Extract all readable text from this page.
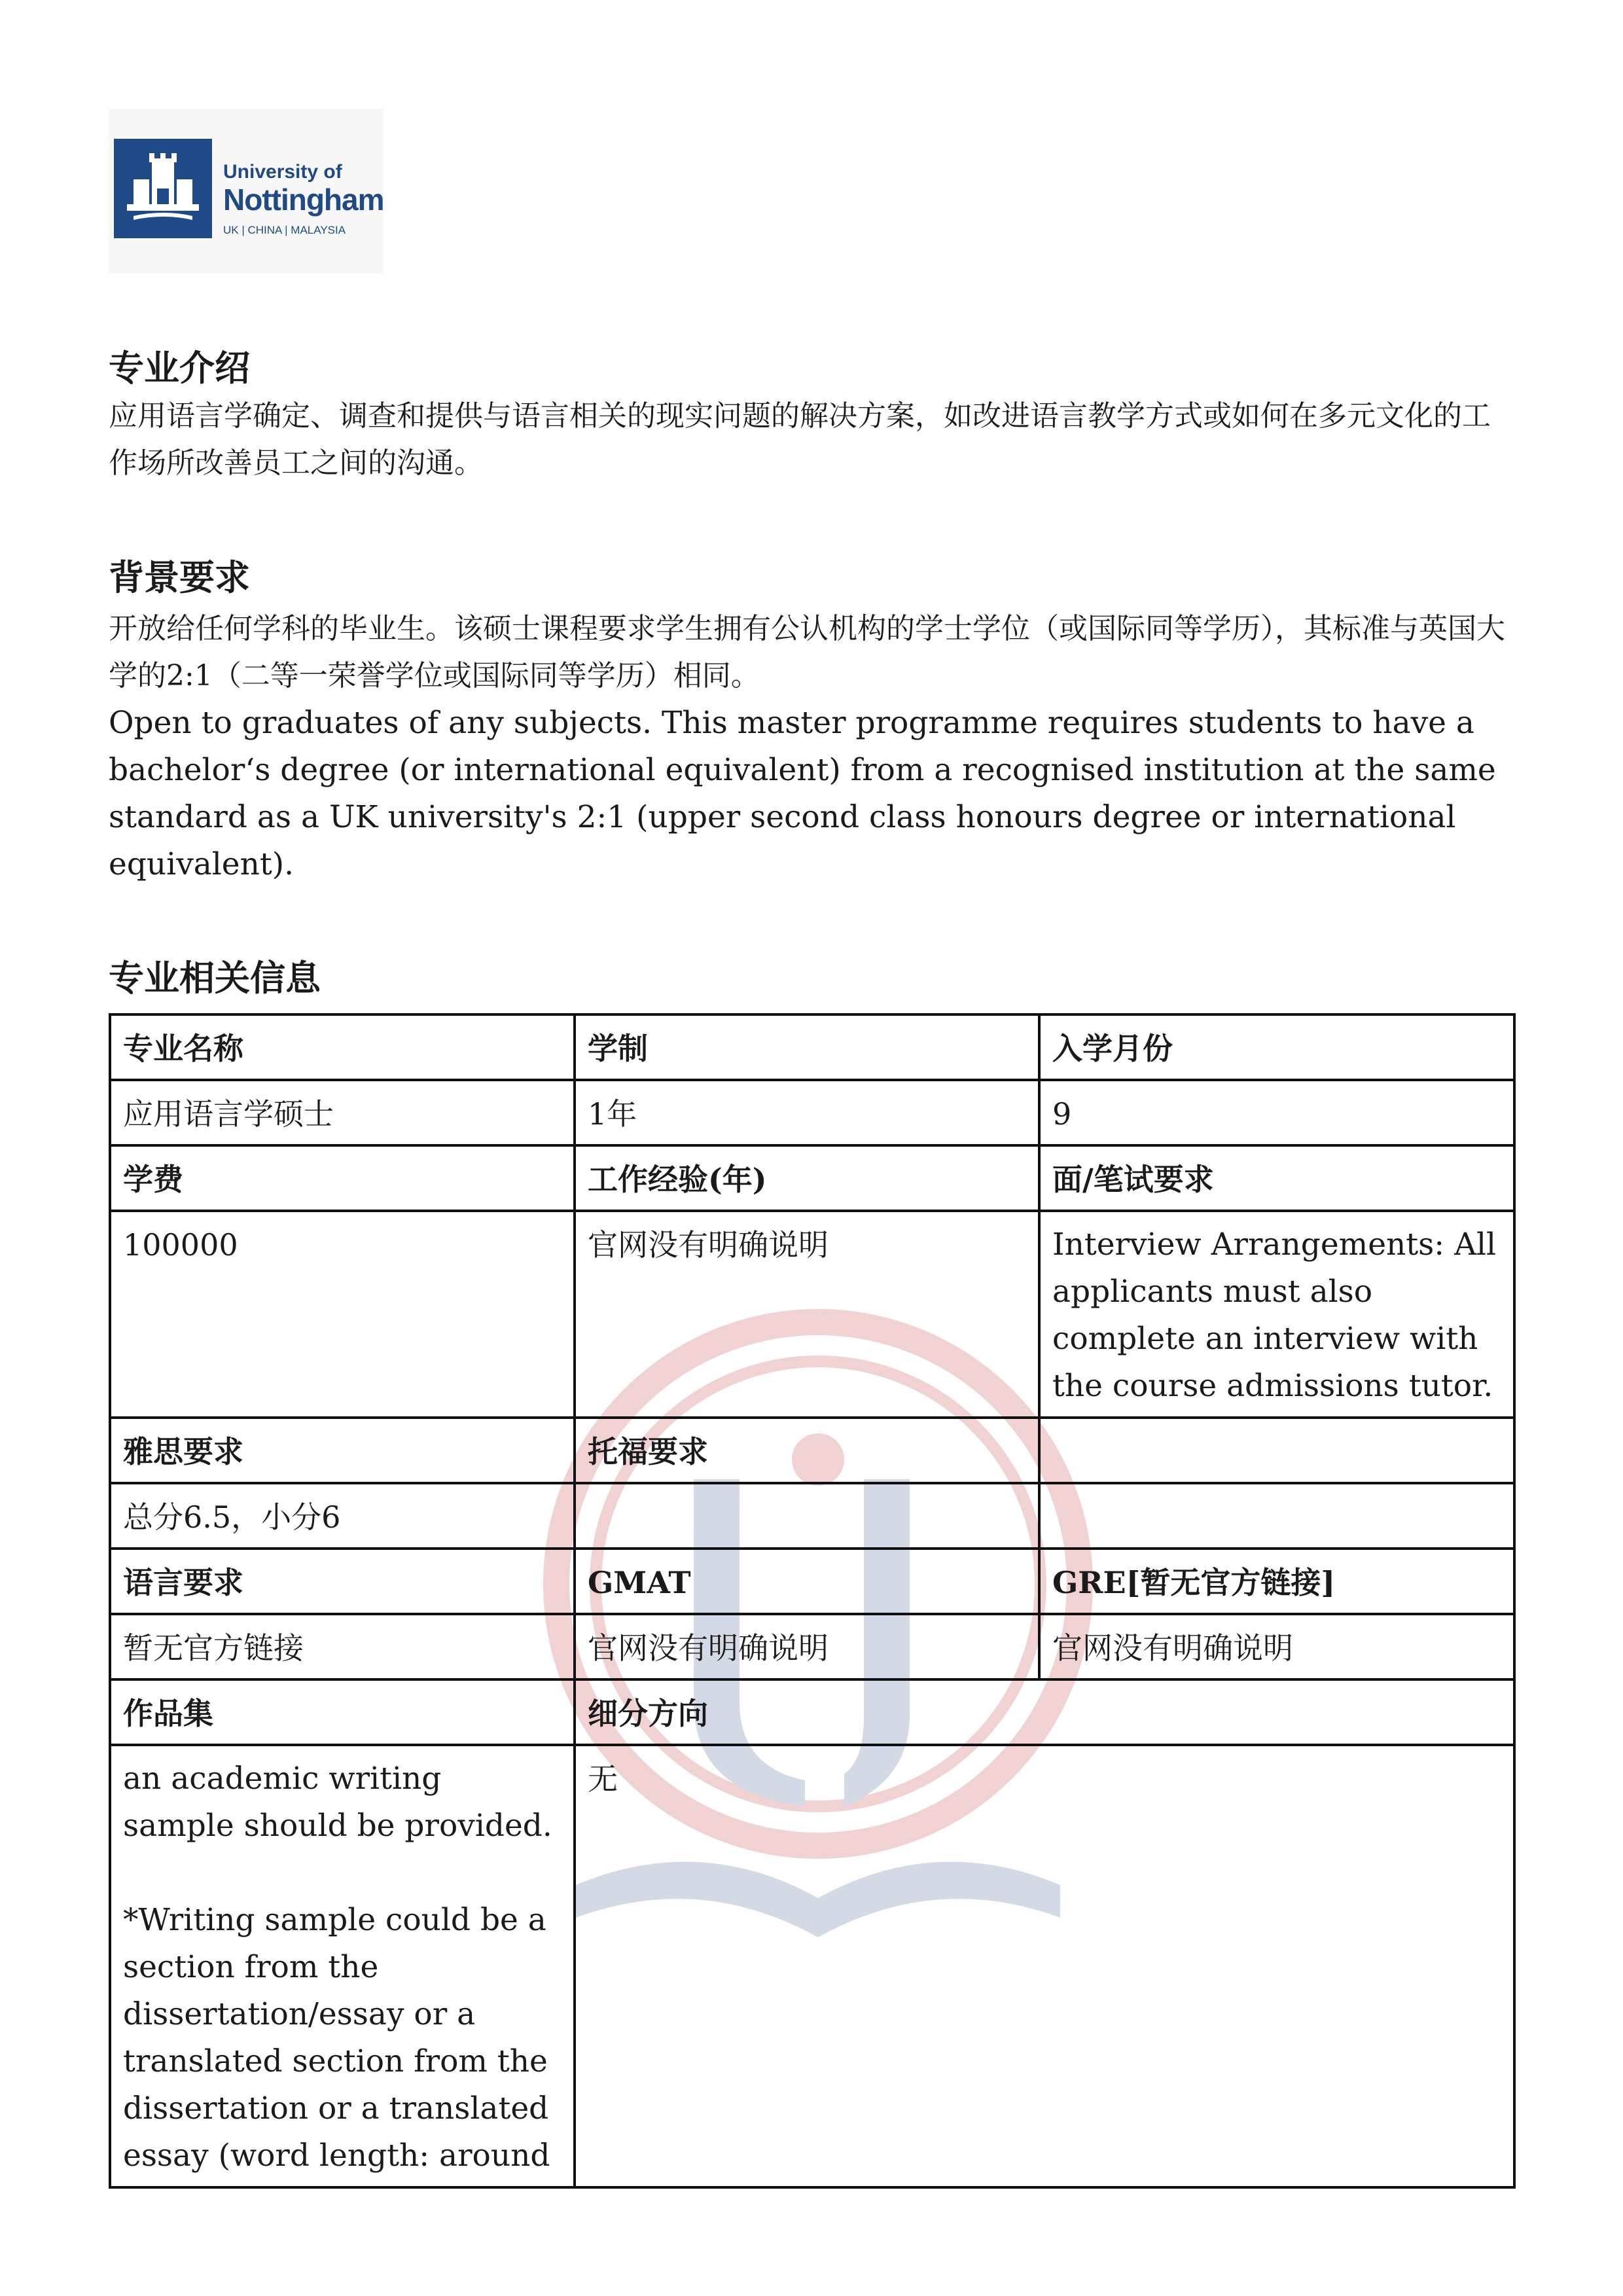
University of
Nottingham
UK | CHINA | MALAYSIA
专业介绍

应用语言学确定、调查和提供与语言相关的现实问题的解决方案，如改进语言教学方式或如何在多元文化的工作场所改善员工之间的沟通。

背景要求

开放给任何学科的毕业生。该硕士课程要求学生拥有公认机构的学士学位（或国际同等学历），其标准与英国大学的2:1（二等一荣誉学位或国际同等学历）相同。

Open to graduates of any subjects. This master programme requires students to have a bachelor‘s degree (or international equivalent) from a recognised institution at the same standard as a UK university's 2:1 (upper second class honours degree or international equivalent).

专业相关信息
专业名称	学制	入学月份
应用语言学硕士	1年	9
学费	工作经验(年)	面/笔试要求
100000	官网没有明确说明	Interview Arrangements: All applicants must also complete an interview with the course admissions tutor.
雅思要求	托福要求	
总分6.5，小分6		
语言要求	GMAT	GRE[暂无官方链接]
暂无官方链接	官网没有明确说明	官网没有明确说明
作品集	细分方向	

an academic writing sample should be provided.

*Writing sample could be a section from the dissertation/essay or a translated section from the dissertation or a translated essay (word length: around	无	
